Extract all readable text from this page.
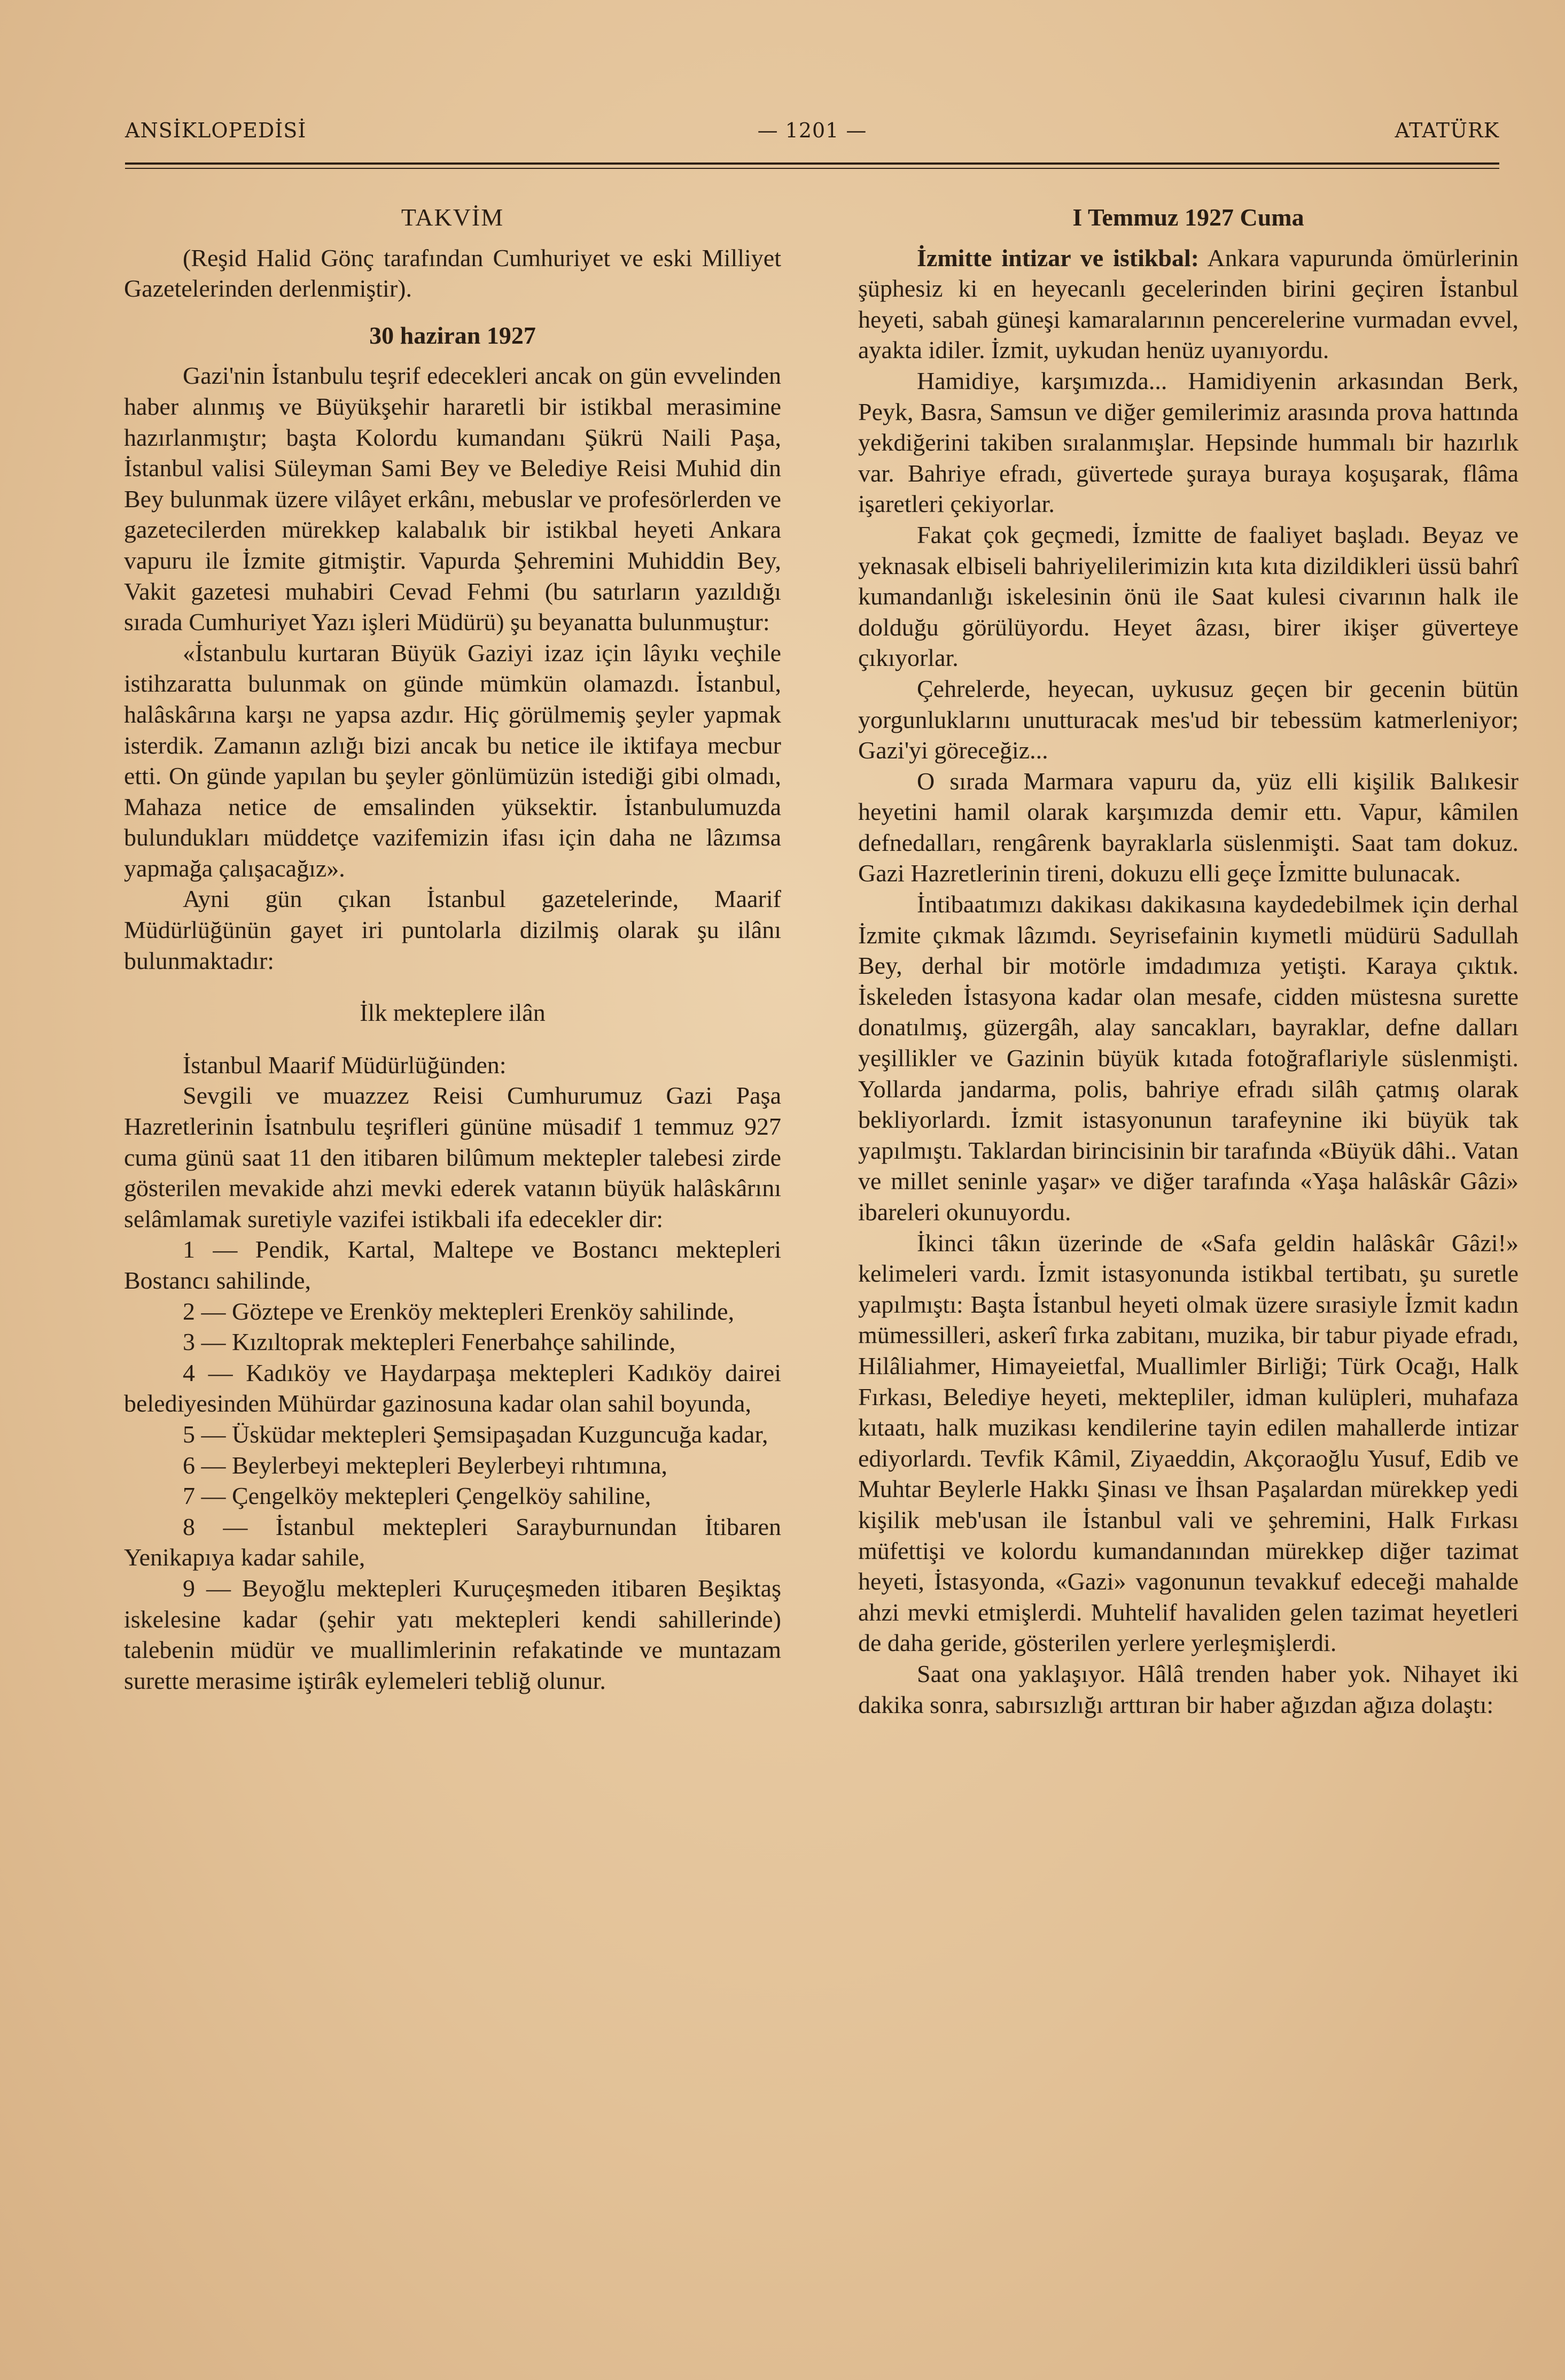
ANSİKLOPEDİSİ	— 1201 —	ATATÜRK
TAKVİM

(Reşid Halid Gönç tarafından Cumhuriyet ve eski Milliyet Gazetelerinden derlenmiştir).

30 haziran 1927

Gazi'nin İstanbulu teşrif edecekleri ancak on gün evvelinden haber alınmış ve Büyükşehir hararetli bir istikbal merasimine hazırlanmıştır; başta Kolordu kumandanı Şükrü Naili Paşa, İstanbul valisi Süleyman Sami Bey ve Belediye Reisi Muhid din Bey bulunmak üzere vilâyet erkânı, mebuslar ve profesörlerden ve gazetecilerden mürekkep kalabalık bir istikbal heyeti Ankara vapuru ile İzmite gitmiştir. Vapurda Şehremini Muhiddin Bey, Vakit gazetesi muhabiri Cevad Fehmi (bu satırların yazıldığı sırada Cumhuriyet Yazı işleri Müdürü) şu beyanatta bulunmuştur:

«İstanbulu kurtaran Büyük Gaziyi izaz için lâyıkı veçhile istihzaratta bulunmak on günde mümkün olamazdı. İstanbul, halâskârına karşı ne yapsa azdır. Hiç görülmemiş şeyler yapmak isterdik. Zamanın azlığı bizi ancak bu netice ile iktifaya mecbur etti. On günde yapılan bu şeyler gönlümüzün istediği gibi olmadı, Mahaza netice de emsalinden yüksektir. İstanbulumuzda bulundukları müddetçe vazifemizin ifası için daha ne lâzımsa yapmağa çalışacağız».

Ayni gün çıkan İstanbul gazetelerinde, Maarif Müdürlüğünün gayet iri puntolarla dizilmiş olarak şu ilânı bulunmaktadır:

İlk mekteplere ilân

İstanbul Maarif Müdürlüğünden:

Sevgili ve muazzez Reisi Cumhurumuz Gazi Paşa Hazretlerinin İsatnbulu teşrifleri gününe müsadif 1 temmuz 927 cuma günü saat 11 den itibaren bilûmum mektepler talebesi zirde gösterilen mevakide ahzi mevki ederek vatanın büyük halâskârını selâmlamak suretiyle vazifei istikbali ifa edecekler dir:

1 — Pendik, Kartal, Maltepe ve Bostancı mektepleri Bostancı sahilinde,

2 — Göztepe ve Erenköy mektepleri Erenköy sahilinde,

3 — Kızıltoprak mektepleri Fenerbahçe sahilinde,

4 — Kadıköy ve Haydarpaşa mektepleri Kadıköy dairei belediyesinden Mühürdar gazinosuna kadar olan sahil boyunda,

5 — Üsküdar mektepleri Şemsipaşadan Kuzguncuğa kadar,

6 — Beylerbeyi mektepleri Beylerbeyi rıhtımına,

7 — Çengelköy mektepleri Çengelköy sahiline,

8 — İstanbul mektepleri Sarayburnundan İtibaren Yenikapıya kadar sahile,

9 — Beyoğlu mektepleri Kuruçeşmeden itibaren Beşiktaş iskelesine kadar (şehir yatı mektepleri kendi sahillerinde) talebenin müdür ve muallimlerinin refakatinde ve muntazam surette merasime iştirâk eylemeleri tebliğ olunur.

I Temmuz 1927 Cuma

İzmitte intizar ve istikbal: Ankara vapurunda ömürlerinin şüphesiz ki en heyecanlı gecelerinden birini geçiren İstanbul heyeti, sabah güneşi kamaralarının pencerelerine vurmadan evvel, ayakta idiler. İzmit, uykudan henüz uyanıyordu.

Hamidiye, karşımızda... Hamidiyenin arkasından Berk, Peyk, Basra, Samsun ve diğer gemilerimiz arasında prova hattında yekdiğerini takiben sıralanmışlar. Hepsinde hummalı bir hazırlık var. Bahriye efradı, güvertede şuraya buraya koşuşarak, flâma işaretleri çekiyorlar.

Fakat çok geçmedi, İzmitte de faaliyet başladı. Beyaz ve yeknasak elbiseli bahriyelilerimizin kıta kıta dizildikleri üssü bahrî kumandanlığı iskelesinin önü ile Saat kulesi civarının halk ile dolduğu görülüyordu. Heyet âzası, birer ikişer güverteye çıkıyorlar.

Çehrelerde, heyecan, uykusuz geçen bir gecenin bütün yorgunluklarını unutturacak mes'ud bir tebessüm katmerleniyor; Gazi'yi göreceğiz...

O sırada Marmara vapuru da, yüz elli kişilik Balıkesir heyetini hamil olarak karşımızda demir ettı. Vapur, kâmilen defnedalları, rengârenk bayraklarla süslenmişti. Saat tam dokuz. Gazi Hazretlerinin tireni, dokuzu elli geçe İzmitte bulunacak.

İntibaatımızı dakikası dakikasına kaydedebilmek için derhal İzmite çıkmak lâzımdı. Seyrisefainin kıymetli müdürü Sadullah Bey, derhal bir motörle imdadımıza yetişti. Karaya çıktık. İskeleden İstasyona kadar olan mesafe, cidden müstesna surette donatılmış, güzergâh, alay sancakları, bayraklar, defne dalları yeşillikler ve Gazinin büyük kıtada fotoğraflariyle süslenmişti. Yollarda jandarma, polis, bahriye efradı silâh çatmış olarak bekliyorlardı. İzmit istasyonunun tarafeynine iki büyük tak yapılmıştı. Taklardan birincisinin bir tarafında «Büyük dâhi.. Vatan ve millet seninle yaşar» ve diğer tarafında «Yaşa halâskâr Gâzi» ibareleri okunuyordu.

İkinci tâkın üzerinde de «Safa geldin halâskâr Gâzi!» kelimeleri vardı. İzmit istasyonunda istikbal tertibatı, şu suretle yapılmıştı: Başta İstanbul heyeti olmak üzere sırasiyle İzmit kadın mümessilleri, askerî fırka zabitanı, muzika, bir tabur piyade efradı, Hilâliahmer, Himayeietfal, Muallimler Birliği; Türk Ocağı, Halk Fırkası, Belediye heyeti, mektepliler, idman kulüpleri, muhafaza kıtaatı, halk muzikası kendilerine tayin edilen mahallerde intizar ediyorlardı. Tevfik Kâmil, Ziyaeddin, Akçoraoğlu Yusuf, Edib ve Muhtar Beylerle Hakkı Şinası ve İhsan Paşalardan mürekkep yedi kişilik meb'usan ile İstanbul vali ve şehremini, Halk Fırkası müfettişi ve kolordu kumandanından mürekkep diğer tazimat heyeti, İstasyonda, «Gazi» vagonunun tevakkuf edeceği mahalde ahzi mevki etmişlerdi. Muhtelif havaliden gelen tazimat heyetleri de daha geride, gösterilen yerlere yerleşmişlerdi.

Saat ona yaklaşıyor. Hâlâ trenden haber yok. Nihayet iki dakika sonra, sabırsızlığı arttıran bir haber ağızdan ağıza dolaştı:
